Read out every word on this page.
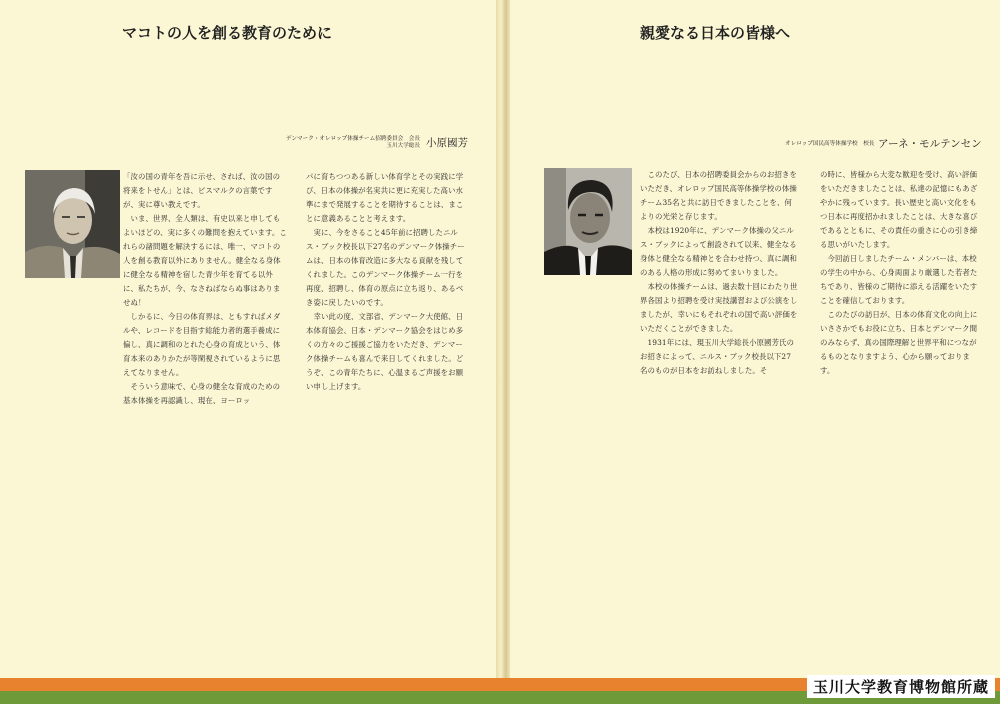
マコトの人を創る教育のために
デンマーク・オレロップ体操チーム招聘委員会　会長
玉川大学総長 小原國芳

「汝の国の青年を吾に示せ、されば、汝の国の将来をトせん」とは、ビスマルクの言葉ですが、実に尊い教えです。

　いま、世界、全人類は、有史以来と申してもよいほどの、実に多くの難問を抱えています。これらの諸問題を解決するには、唯一、マコトの人を創る教育以外にありません。健全なる身体に健全なる精神を宿した青少年を育てる以外に、私たちが、今、なさねばならぬ事はありませぬ！

　しかるに、今日の体育界は、ともすればメダルや、レコードを目指す総能力者的選手養成に偏し、真に調和のとれた心身の育成という、体育本来のありかたが等閑視されているように思えてなりません。

　そういう意味で、心身の健全な育成のための基本体操を再認識し、現在、ヨーロッ

パに育ちつつある新しい体育学とその実践に学び、日本の体操が名実共に更に充実した高い水準にまで発展することを期待することは、まことに意義あることと考えます。

　実に、今をさること45年前に招聘したニルス・ブック校長以下27名のデンマーク体操チームは、日本の体育改造に多大なる貢献を残してくれました。このデンマーク体操チーム一行を再度、招聘し、体育の原点に立ち返り、あるべき姿に戻したいのです。

　幸い此の度、文部省、デンマーク大使館、日本体育協会、日本・デンマーク協会をはじめ多くの方々のご援援ご協力をいただき、デンマーク体操チームも喜んで来日してくれました。どうぞ、この青年たちに、心温まるご声援をお願い申し上げます。

親愛なる日本の皆様へ
オレロップ国民高等体操学校　校長 アーネ・モルテンセン

　このたび、日本の招聘委員会からのお招きをいただき、オレロップ国民高等体操学校の体操チーム35名と共に訪日できましたことを、何よりの光栄と存じます。

　本校は1920年に、デンマーク体操の父ニルス・ブックによって創設されて以来、健全なる身体と健全なる精神とを合わせ持つ、真に調和のある人格の形成に努めてまいりました。

　本校の体操チームは、過去数十回にわたり世界各国より招聘を受け実技講習および公演をしましたが、幸いにもそれぞれの国で高い評価をいただくことができました。

　1931年には、現玉川大学総長小原國芳氏のお招きによって、ニルス・ブック校長以下27名のものが日本をお訪ねしました。そ

の時に、皆様から大変な歓迎を受け、高い評価をいただきましたことは、私達の記憶にもあざやかに残っています。長い歴史と高い文化をもつ日本に再度招かれましたことは、大きな喜びであるとともに、その責任の重さに心の引き締る思いがいたします。

　今回訪日しましたチーム・メンバーは、本校の学生の中から、心身両面より厳選した若者たちであり、皆様のご期待に添える活躍をいたすことを確信しております。

　このたびの訪日が、日本の体育文化の向上にいささかでもお役に立ち、日本とデンマーク間のみならず、真の国際理解と世界平和につながるものとなりますよう、心から願っております。

玉川大学教育博物館所蔵
